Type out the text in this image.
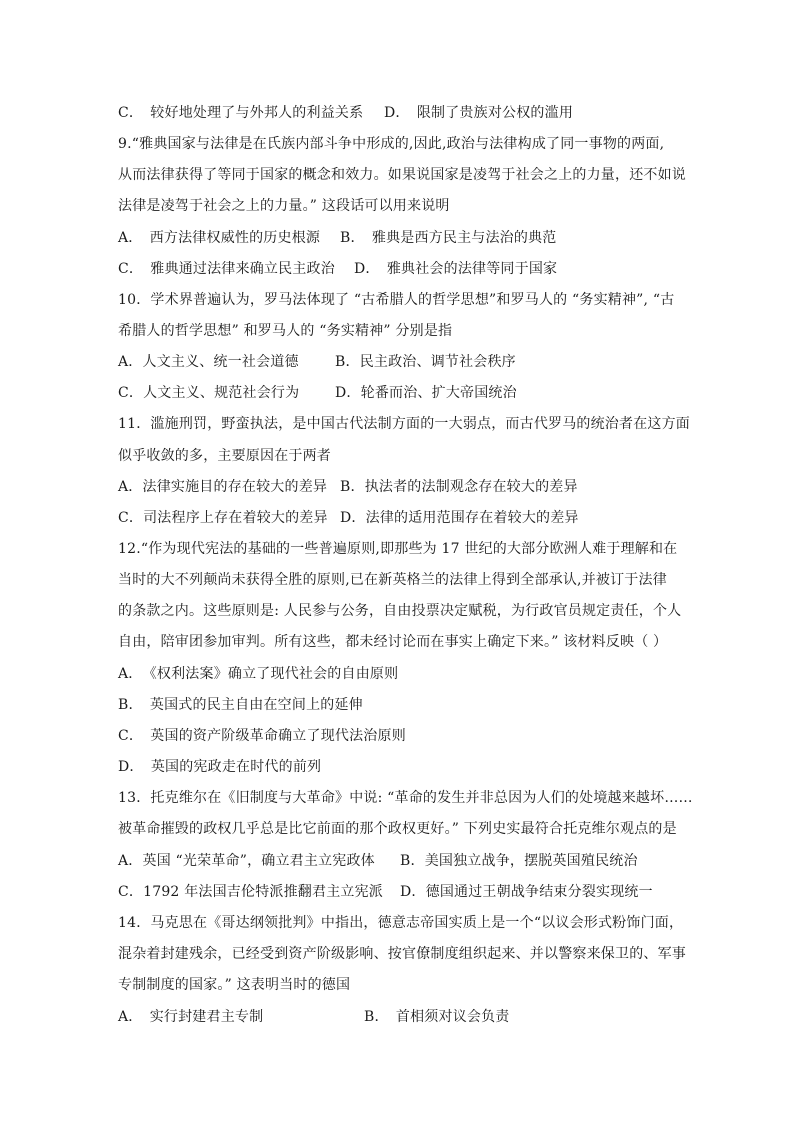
C．　较好地处理了与外邦人的利益关系 D．　限制了贵族对公权的滥用
9.“雅典国家与法律是在氏族内部斗争中形成的,因此,政治与法律构成了同一事物的两面,
从而法律获得了等同于国家的概念和效力。如果说国家是凌驾于社会之上的力量，还不如说
法律是凌驾于社会之上的力量。” 这段话可以用来说明
A．　西方法律权威性的历史根源 B．　雅典是西方民主与法治的典范
C．　雅典通过法律来确立民主政治 D．　雅典社会的法律等同于国家
10．学术界普遍认为，罗马法体现了 “古希腊人的哲学思想”和罗马人的 “务实精神”, “古
希腊人的哲学思想” 和罗马人的 “务实精神” 分别是指
A．人文主义、统一社会道德	B．民主政治、调节社会秩序
C．人文主义、规范社会行为	D．轮番而治、扩大帝国统治
11．滥施刑罚，野蛮执法，是中国古代法制方面的一大弱点，而古代罗马的统治者在这方面
似乎收敛的多，主要原因在于两者
A．法律实施目的存在较大的差异 B．执法者的法制观念存在较大的差异
C．司法程序上存在着较大的差异 D．法律的适用范围存在着较大的差异
12.“作为现代宪法的基础的一些普遍原则,即那些为 17 世纪的大部分欧洲人难于理解和在
当时的大不列颠尚未获得全胜的原则,已在新英格兰的法律上得到全部承认,并被订于法律
的条款之内。这些原则是: 人民参与公务，自由投票决定赋税，为行政官员规定责任，个人
自由，陪审团参加审判。所有这些，都未经讨论而在事实上确定下来。” 该材料反映（ ）
A．　《权利法案》确立了现代社会的自由原则
B．　英国式的民主自由在空间上的延伸
C．　英国的资产阶级革命确立了现代法治原则
D．　英国的宪政走在时代的前列
13．托克维尔在《旧制度与大革命》中说: “革命的发生并非总因为人们的处境越来越坏……
被革命摧毁的政权几乎总是比它前面的那个政权更好。” 下列史实最符合托克维尔观点的是
A．英国 “光荣革命”，确立君主立宪政体 B．美国独立战争，摆脱英国殖民统治
C．1792 年法国吉伦特派推翻君主立宪派 D．德国通过王朝战争结束分裂实现统一
14．马克思在《哥达纲领批判》中指出，德意志帝国实质上是一个“以议会形式粉饰门面，
混杂着封建残余，已经受到资产阶级影响、按官僚制度组织起来、并以警察来保卫的、军事
专制制度的国家。” 这表明当时的德国
A．　实行封建君主专制	B．　首相须对议会负责
